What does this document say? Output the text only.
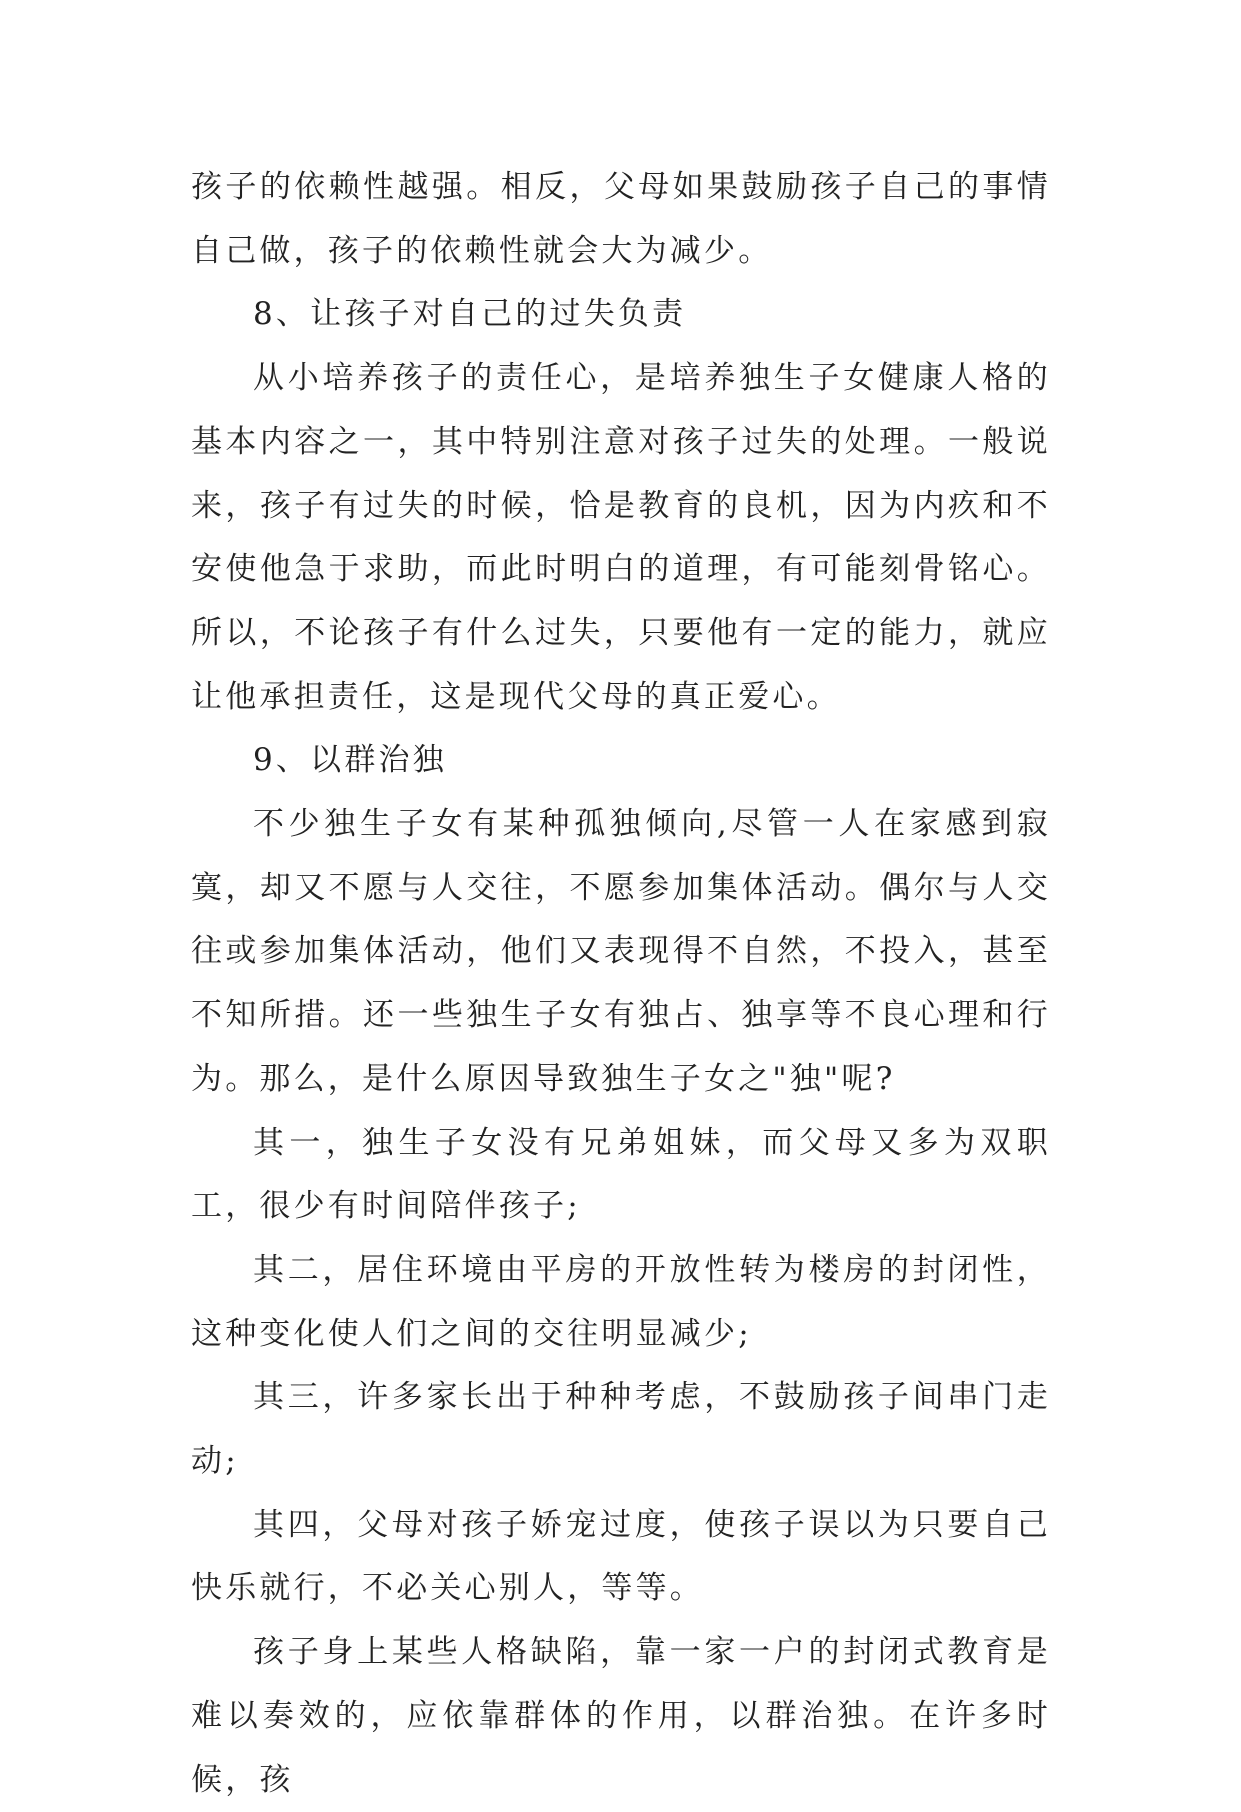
孩子的依赖性越强。相反，父母如果鼓励孩子自己的事情自己做，孩子的依赖性就会大为减少。

8、让孩子对自己的过失负责

从小培养孩子的责任心，是培养独生子女健康人格的基本内容之一，其中特别注意对孩子过失的处理。一般说来，孩子有过失的时候，恰是教育的良机，因为内疚和不安使他急于求助，而此时明白的道理，有可能刻骨铭心。所以，不论孩子有什么过失，只要他有一定的能力，就应让他承担责任，这是现代父母的真正爱心。

9、以群治独

不少独生子女有某种孤独倾向,尽管一人在家感到寂寞，却又不愿与人交往，不愿参加集体活动。偶尔与人交往或参加集体活动，他们又表现得不自然，不投入，甚至不知所措。还一些独生子女有独占、独享等不良心理和行为。那么，是什么原因导致独生子女之"独"呢?

其一，独生子女没有兄弟姐妹，而父母又多为双职工，很少有时间陪伴孩子;

其二，居住环境由平房的开放性转为楼房的封闭性，这种变化使人们之间的交往明显减少;

其三，许多家长出于种种考虑，不鼓励孩子间串门走动;

其四，父母对孩子娇宠过度，使孩子误以为只要自己快乐就行，不必关心别人，等等。

孩子身上某些人格缺陷，靠一家一户的封闭式教育是难以奏效的，应依靠群体的作用，以群治独。在许多时候，孩
